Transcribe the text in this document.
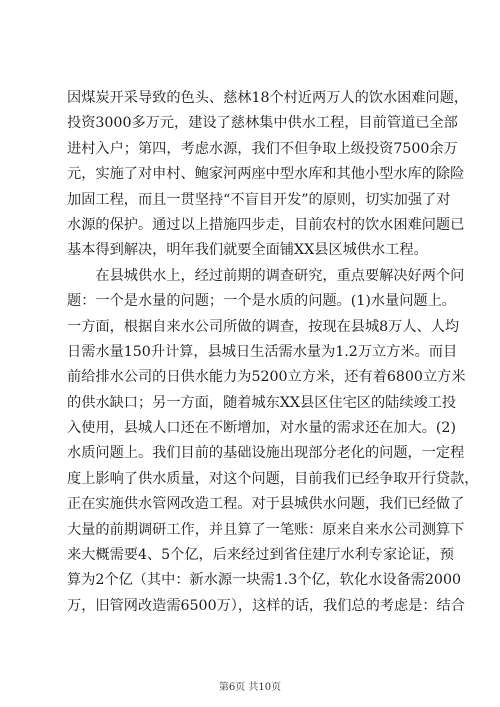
因煤炭开采导致的色头、慈林18个村近两万人的饮水困难问题，
投资3000多万元，建设了慈林集中供水工程，目前管道已全部
进村入户；第四，考虑水源，我们不但争取上级投资7500余万
元，实施了对申村、鲍家河两座中型水库和其他小型水库的除险
加固工程，而且一贯坚持“不盲目开发”的原则，切实加强了对
水源的保护。通过以上措施四步走，目前农村的饮水困难问题已
基本得到解决，明年我们就要全面铺XX县区城供水工程。
　　在县城供水上，经过前期的调查研究，重点要解决好两个问
题：一个是水量的问题；一个是水质的问题。(1)水量问题上。
一方面，根据自来水公司所做的调查，按现在县城8万人、人均
日需水量150升计算，县城日生活需水量为1.2万立方米。而目
前给排水公司的日供水能力为5200立方米，还有着6800立方米
的供水缺口；另一方面，随着城东XX县区住宅区的陆续竣工投
入使用，县城人口还在不断增加，对水量的需求还在加大。(2)
水质问题上。我们目前的基础设施出现部分老化的问题，一定程
度上影响了供水质量，对这个问题，目前我们已经争取开行贷款，
正在实施供水管网改造工程。对于县城供水问题，我们已经做了
大量的前期调研工作，并且算了一笔账：原来自来水公司测算下
来大概需要4、5个亿，后来经过到省住建厅水利专家论证，预
算为2个亿（其中：新水源一块需1.3个亿，软化水设备需2000
万，旧管网改造需6500万），这样的话，我们总的考虑是：结合
第6页 共10页
